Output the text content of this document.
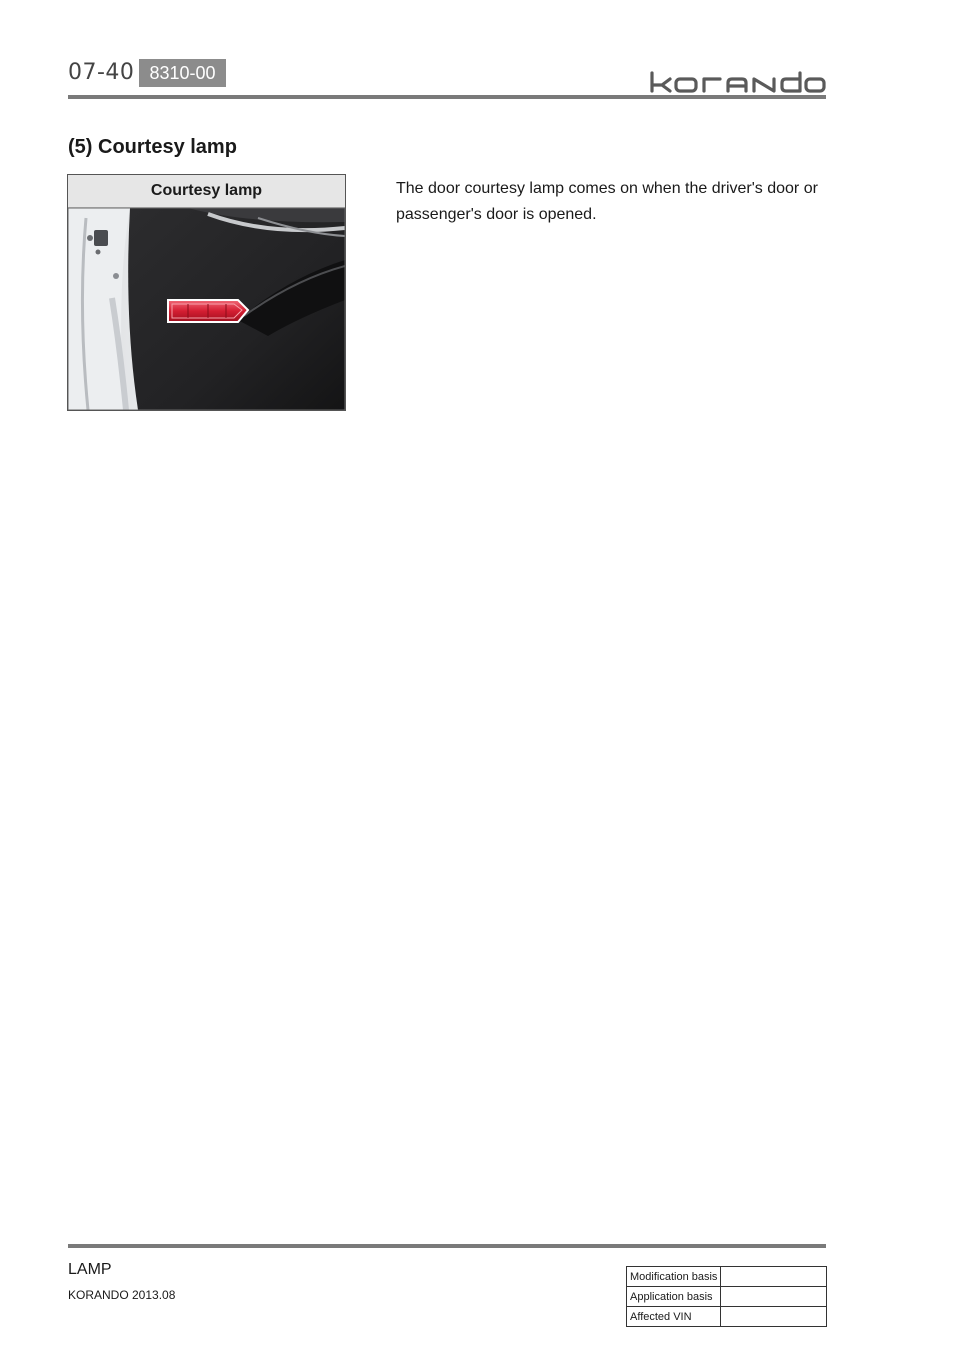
07-40 8310-00
(5) Courtesy lamp
Courtesy lamp	The door courtesy lamp comes on when the driver's door or passenger's door is opened.
LAMP
KORANDO 2013.08
Modification basis	
Application basis	
Affected VIN	
